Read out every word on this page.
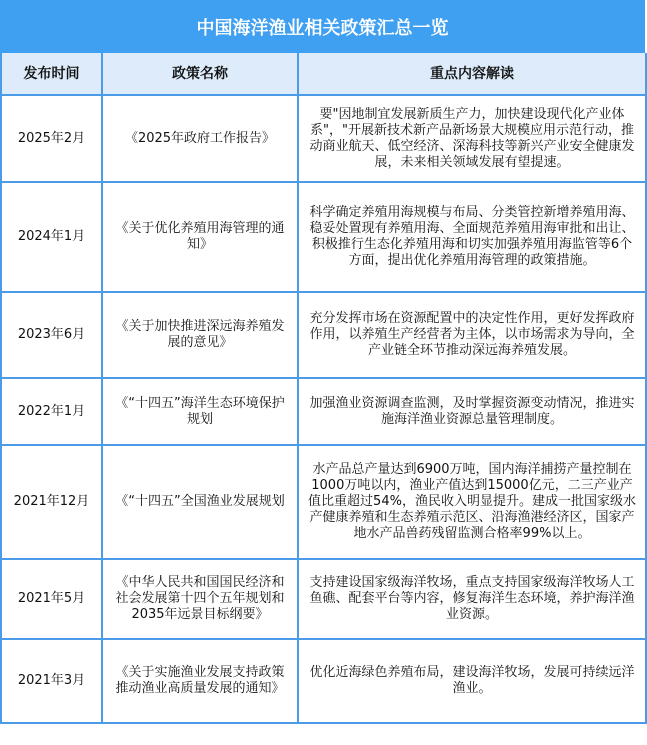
中国海洋渔业相关政策汇总一览
发布时间	政策名称	重点内容解读
2025年2月	《2025年政府工作报告》	要"因地制宜发展新质生产力，加快建设现代化产业体系"，"开展新技术新产品新场景大规模应用示范行动，推动商业航天、低空经济、深海科技等新兴产业安全健康发展，未来相关领域发展有望提速。
2024年1月	《关于优化养殖用海管理的通知》	科学确定养殖用海规模与布局、分类管控新增养殖用海、稳妥处置现有养殖用海、全面规范养殖用海审批和出让、积极推行生态化养殖用海和切实加强养殖用海监管等6个方面，提出优化养殖用海管理的政策措施。
2023年6月	《关于加快推进深远海养殖发展的意见》	充分发挥市场在资源配置中的决定性作用，更好发挥政府作用，以养殖生产经营者为主体，以市场需求为导向，全产业链全环节推动深远海养殖发展。
2022年1月	《“十四五”海洋生态环境保护规划	加强渔业资源调查监测，及时掌握资源变动情况，推进实施海洋渔业资源总量管理制度。
2021年12月	《“十四五”全国渔业发展规划	水产品总产量达到6900万吨，国内海洋捕捞产量控制在1000万吨以内，渔业产值达到15000亿元，二三产业产值比重超过54%，渔民收入明显提升。建成一批国家级水产健康养殖和生态养殖示范区、沿海渔港经济区，国家产地水产品兽药残留监测合格率99%以上。
2021年5月	《中华人民共和国国民经济和社会发展第十四个五年规划和2035年远景目标纲要》	支持建设国家级海洋牧场，重点支持国家级海洋牧场人工鱼礁、配套平台等内容，修复海洋生态环境，养护海洋渔业资源。
2021年3月	《关于实施渔业发展支持政策推动渔业高质量发展的通知》	优化近海绿色养殖布局，建设海洋牧场，发展可持续远洋渔业。
